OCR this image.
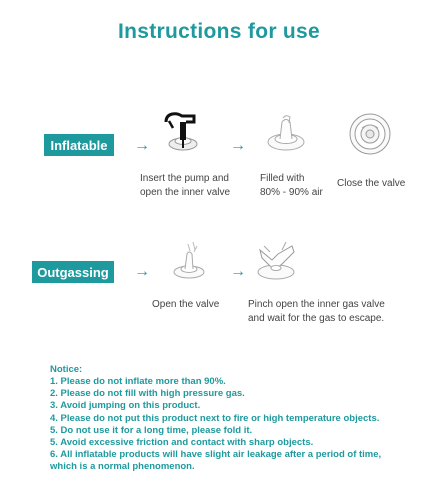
Instructions for use
Inflatable	→	→
Insert the pump and
open the inner valve
Filled with
80% - 90% air
Close the valve
Outgassing	→	→
Open the valve	Pinch open the inner gas valve
and wait for the gas to escape.
Notice:
1. Please do not inflate more than 90%.
2. Please do not fill with high pressure gas.
3. Avoid jumping on this product.
4. Please do not put this product next to fire or high temperature objects.
5. Do not use it for a long time, please fold it.
5. Avoid excessive friction and contact with sharp objects.
6. All inflatable products will have slight air leakage after a period of time,
which is a normal phenomenon.
